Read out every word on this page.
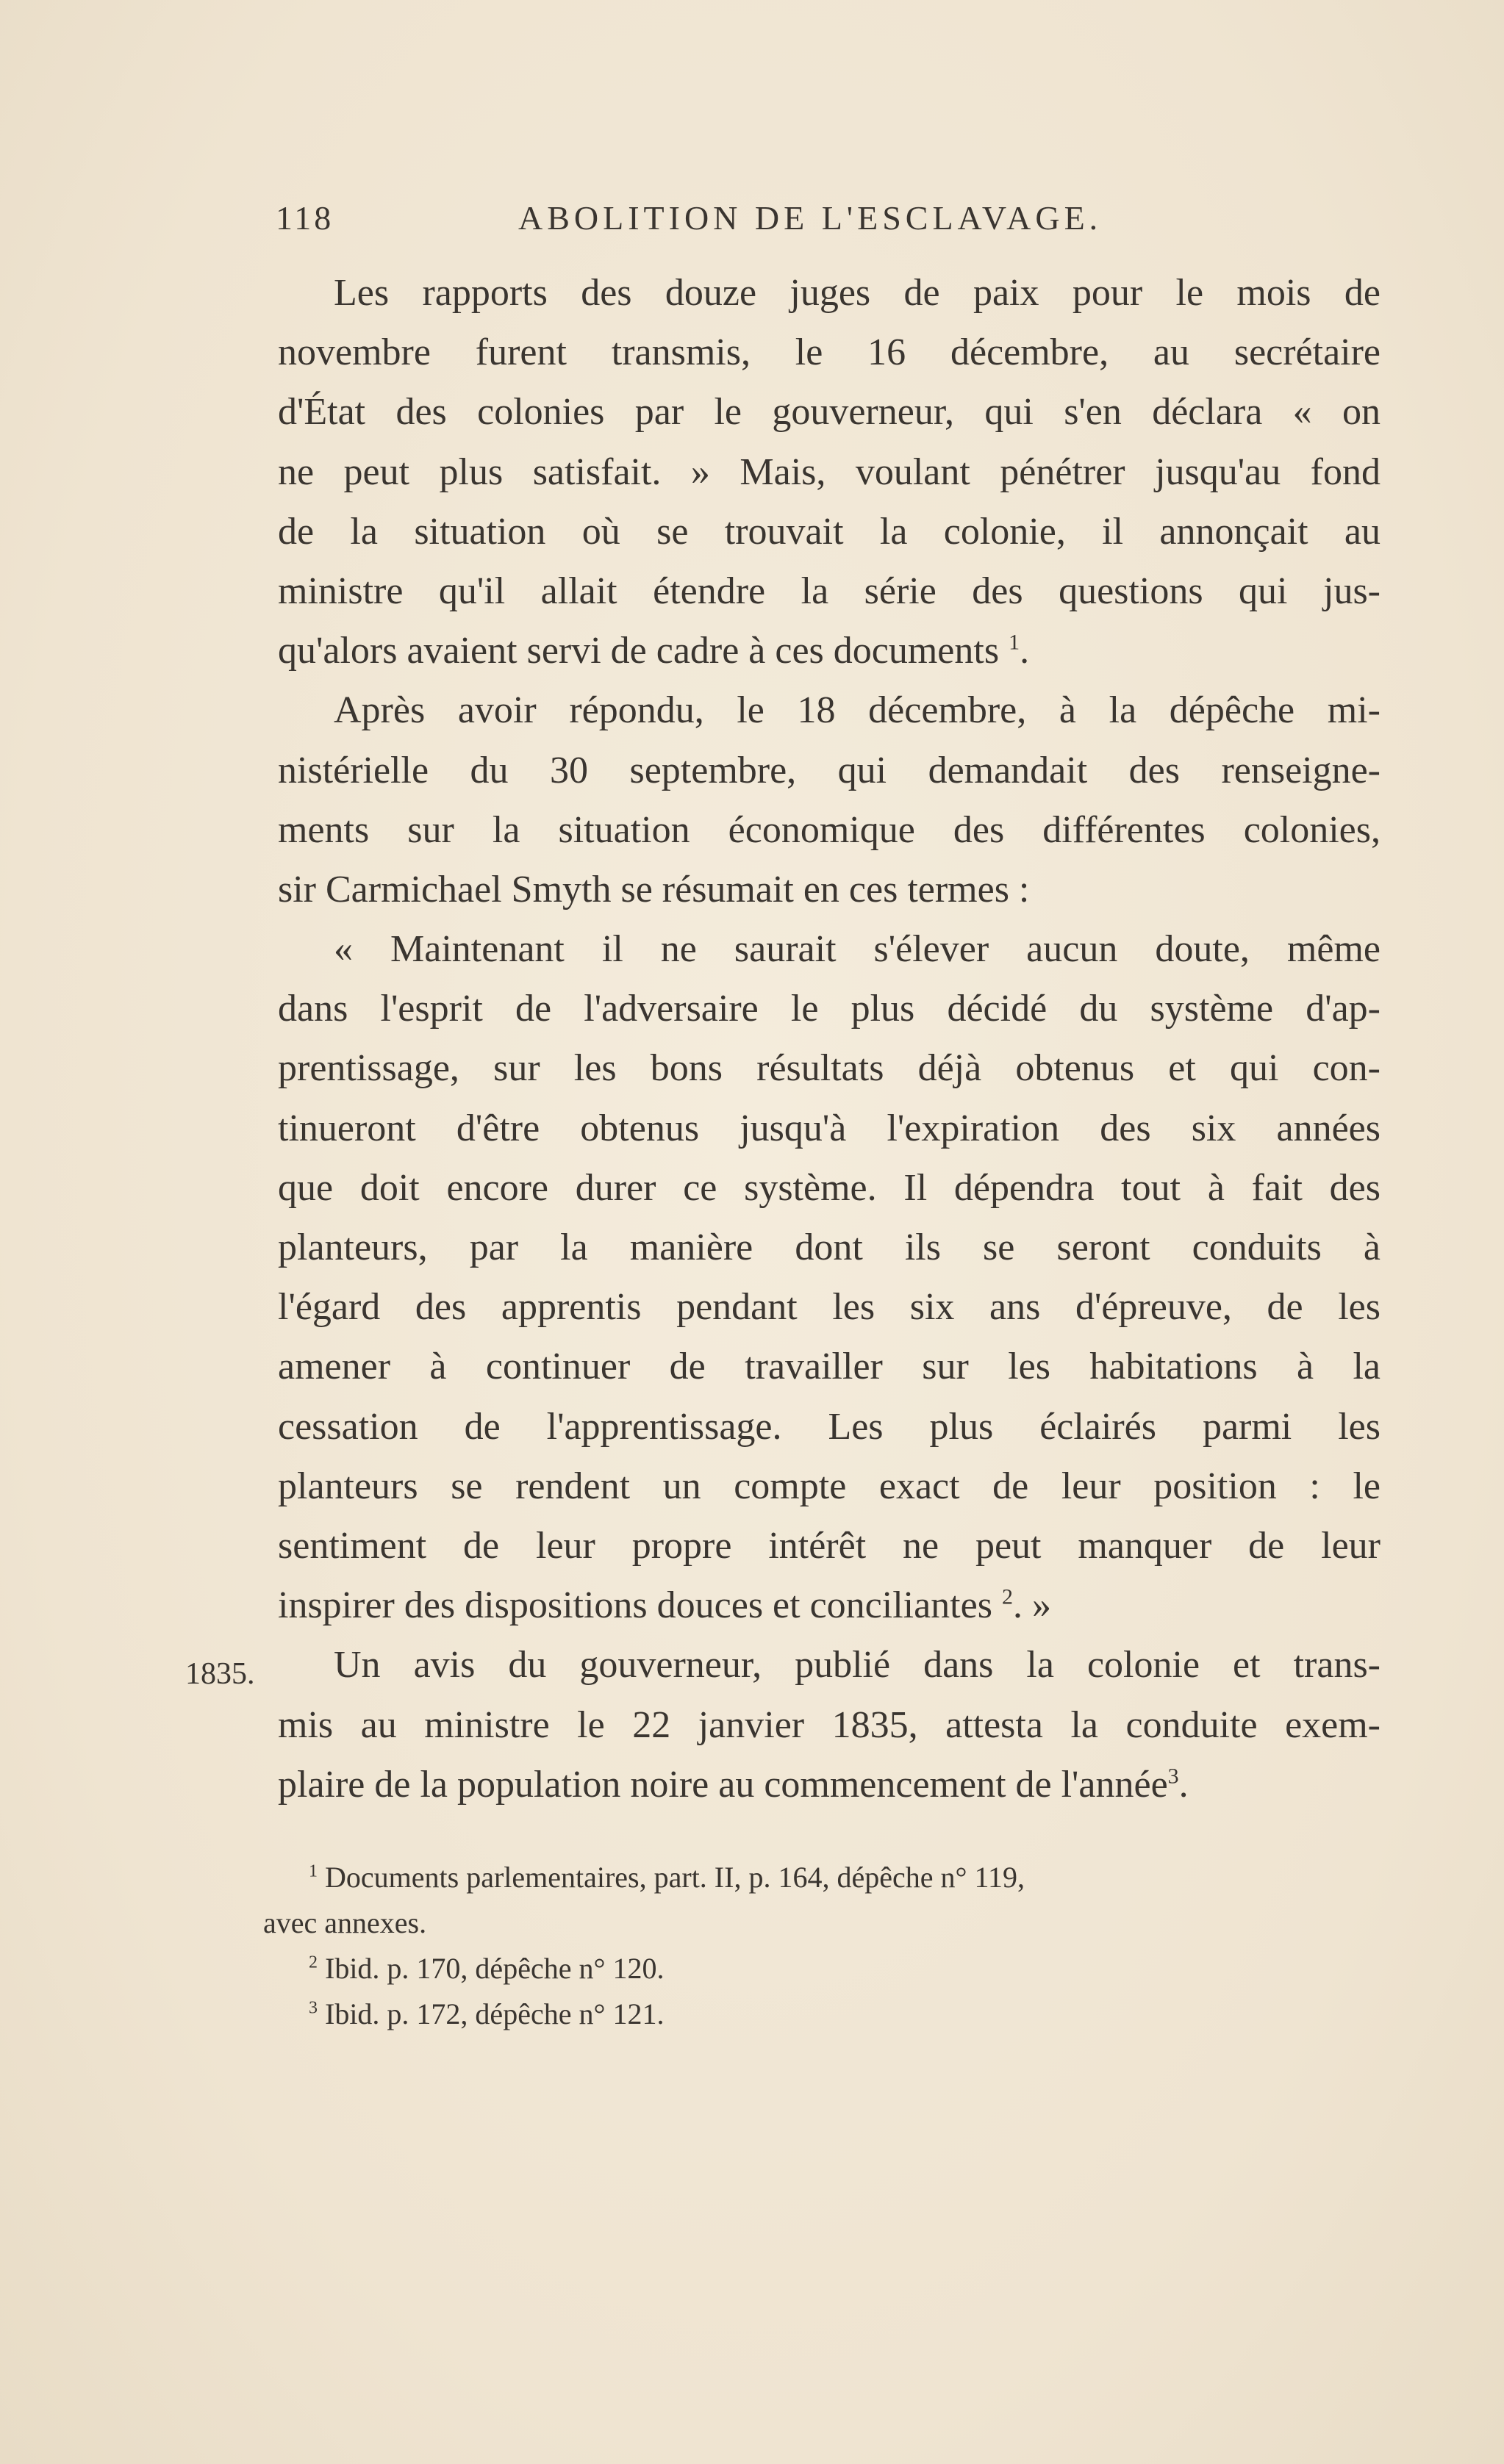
118	ABOLITION DE L'ESCLAVAGE.
1835.
Les rapports des douze juges de paix pour le mois de
novembre furent transmis, le 16 décembre, au secrétaire
d'État des colonies par le gouverneur, qui s'en déclara « on
ne peut plus satisfait. » Mais, voulant pénétrer jusqu'au fond
de la situation où se trouvait la colonie, il annonçait au
ministre qu'il allait étendre la série des questions qui jus-
qu'alors avaient servi de cadre à ces documents $^1$.
Après avoir répondu, le 18 décembre, à la dépêche mi-
nistérielle du 30 septembre, qui demandait des renseigne-
ments sur la situation économique des différentes colonies,
sir Carmichael Smyth se résumait en ces termes :
« Maintenant il ne saurait s'élever aucun doute, même
dans l'esprit de l'adversaire le plus décidé du système d'ap-
prentissage, sur les bons résultats déjà obtenus et qui con-
tinueront d'être obtenus jusqu'à l'expiration des six années
que doit encore durer ce système. Il dépendra tout à fait des
planteurs, par la manière dont ils se seront conduits à
l'égard des apprentis pendant les six ans d'épreuve, de les
amener à continuer de travailler sur les habitations à la
cessation de l'apprentissage. Les plus éclairés parmi les
planteurs se rendent un compte exact de leur position : le
sentiment de leur propre intérêt ne peut manquer de leur
inspirer des dispositions douces et conciliantes $^2$. »
Un avis du gouverneur, publié dans la colonie et trans-
mis au ministre le 22 janvier 1835, attesta la conduite exem-
plaire de la population noire au commencement de l'année$^3$.
$^1$ Documents parlementaires, part. II, p. 164, dépêche n° 119,
avec annexes.
$^2$ Ibid. p. 170, dépêche n° 120.
$^3$ Ibid. p. 172, dépêche n° 121.
